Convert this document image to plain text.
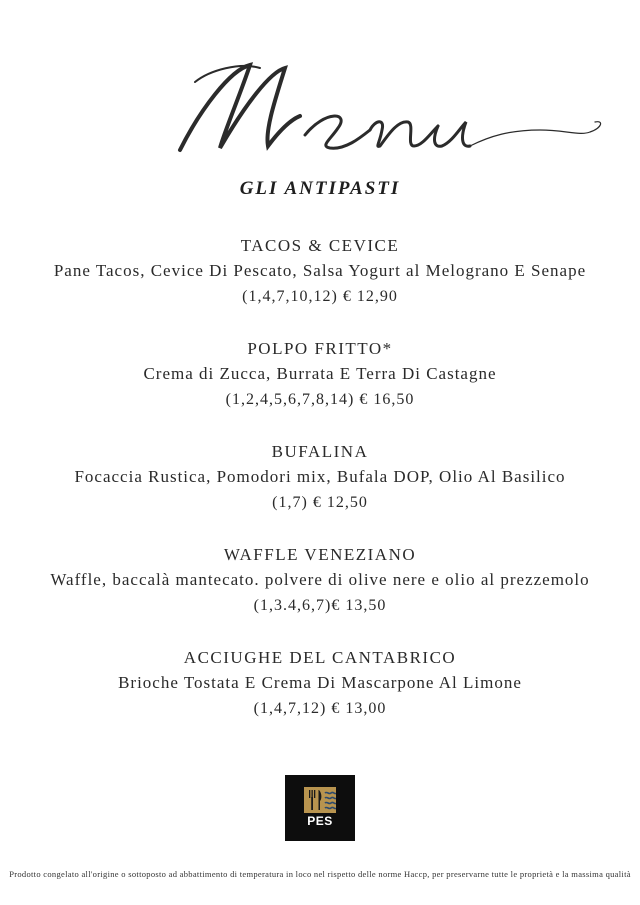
GLI ANTIPASTI
TACOS & CEVICE
Pane Tacos, Cevice Di Pescato, Salsa Yogurt al Melograno E Senape
(1,4,7,10,12) € 12,90
POLPO FRITTO*
Crema di Zucca, Burrata E Terra Di Castagne
(1,2,4,5,6,7,8,14) € 16,50
BUFALINA
Focaccia Rustica, Pomodori mix, Bufala DOP, Olio Al Basilico
(1,7) € 12,50
WAFFLE VENEZIANO
Waffle, baccalà mantecato. polvere di olive nere e olio al prezzemolo
(1,3.4,6,7)€ 13,50
ACCIUGHE DEL CANTABRICO
Brioche Tostata E Crema Di Mascarpone Al Limone
(1,4,7,12) € 13,00
PES
Prodotto congelato all'origine o sottoposto ad abbattimento di temperatura in loco nel rispetto delle norme Haccp, per preservarne tutte le proprietà e la massima qualità
